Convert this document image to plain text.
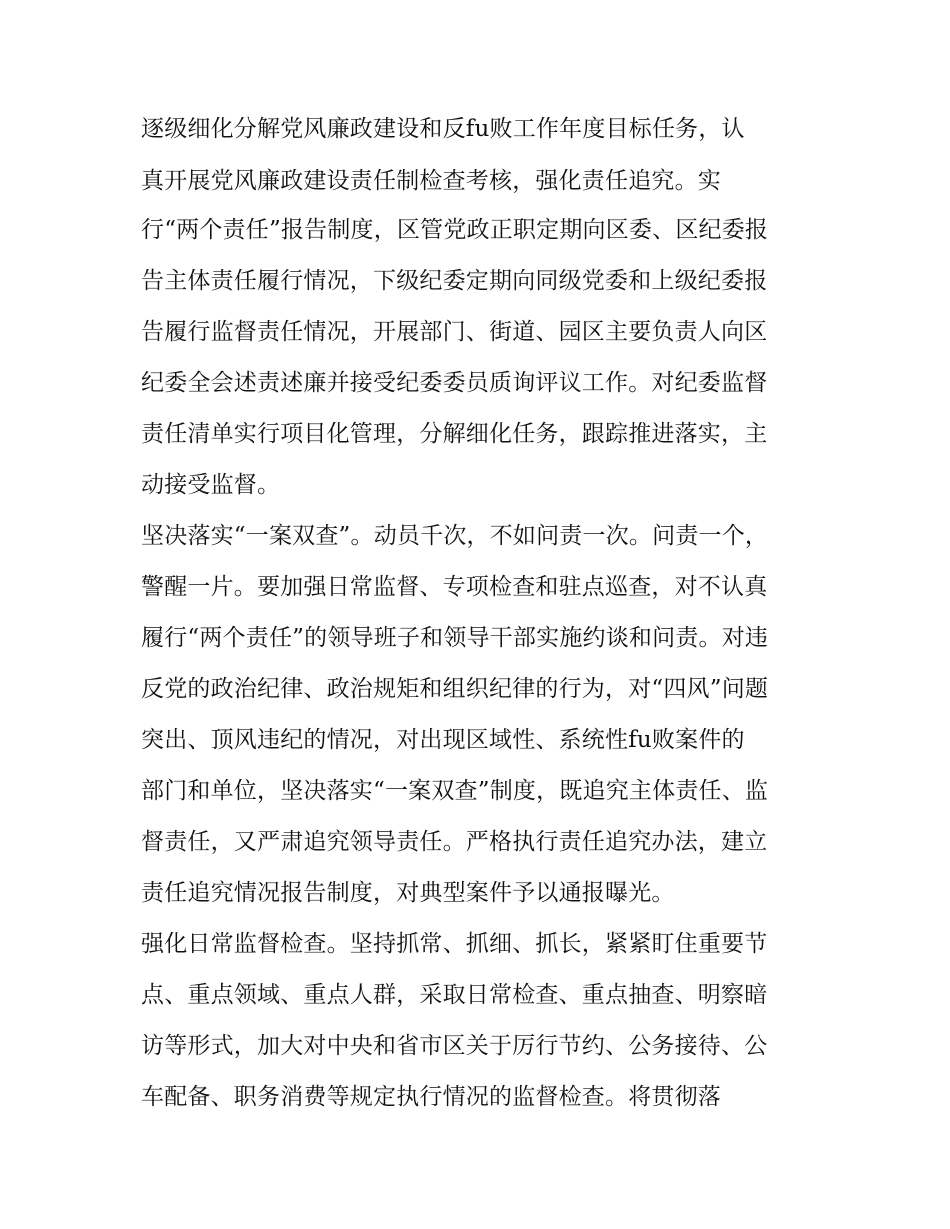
逐级细化分解党风廉政建设和反fu败工作年度目标任务，认
真开展党风廉政建设责任制检查考核，强化责任追究。实
行“两个责任”报告制度，区管党政正职定期向区委、区纪委报
告主体责任履行情况，下级纪委定期向同级党委和上级纪委报
告履行监督责任情况，开展部门、街道、园区主要负责人向区
纪委全会述责述廉并接受纪委委员质询评议工作。对纪委监督
责任清单实行项目化管理，分解细化任务，跟踪推进落实，主
动接受监督。
坚决落实“一案双查”。动员千次，不如问责一次。问责一个，
警醒一片。要加强日常监督、专项检查和驻点巡查，对不认真
履行“两个责任”的领导班子和领导干部实施约谈和问责。对违
反党的政治纪律、政治规矩和组织纪律的行为，对“四风”问题
突出、顶风违纪的情况，对出现区域性、系统性fu败案件的
部门和单位，坚决落实“一案双查”制度，既追究主体责任、监
督责任，又严肃追究领导责任。严格执行责任追究办法，建立
责任追究情况报告制度，对典型案件予以通报曝光。
强化日常监督检查。坚持抓常、抓细、抓长，紧紧盯住重要节
点、重点领域、重点人群，采取日常检查、重点抽查、明察暗
访等形式，加大对中央和省市区关于厉行节约、公务接待、公
车配备、职务消费等规定执行情况的监督检查。将贯彻落
